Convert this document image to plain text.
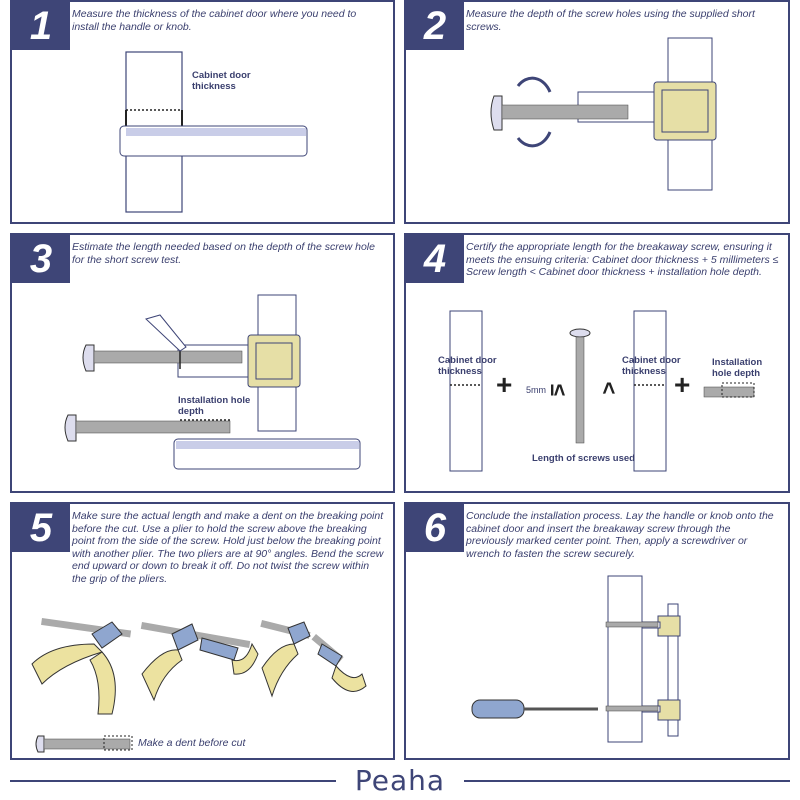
1	Measure the thickness of the cabinet door where you need to install the handle or knob.
Cabinet door thickness
2	Measure the depth of the screw holes using the supplied short screws.
3	Estimate the length needed based on the depth of the screw hole for the short screw test.
Installation hole depth
4	Certify the appropriate length for the breakaway screw, ensuring it meets the ensuing criteria: Cabinet door thickness + 5 millimeters ≤ Screw length < Cabinet door thickness + installation hole depth.
Cabinet door thickness + 5mm ≤ <
Cabinet door thickness +
Installation hole depth
Length of screws used
5	Make sure the actual length and make a dent on the breaking point before the cut. Use a plier to hold the screw above the breaking point from the side of the screw. Hold just below the breaking point with another plier. The two pliers are at 90° angles. Bend the screw end upward or down to break it off. Do not twist the screw within the grip of the pliers.
Make a dent before cut
6	Conclude the installation process. Lay the handle or knob onto the cabinet door and insert the breakaway screw through the previously marked center point. Then, apply a screwdriver or wrench to fasten the screw securely.
Peaha
